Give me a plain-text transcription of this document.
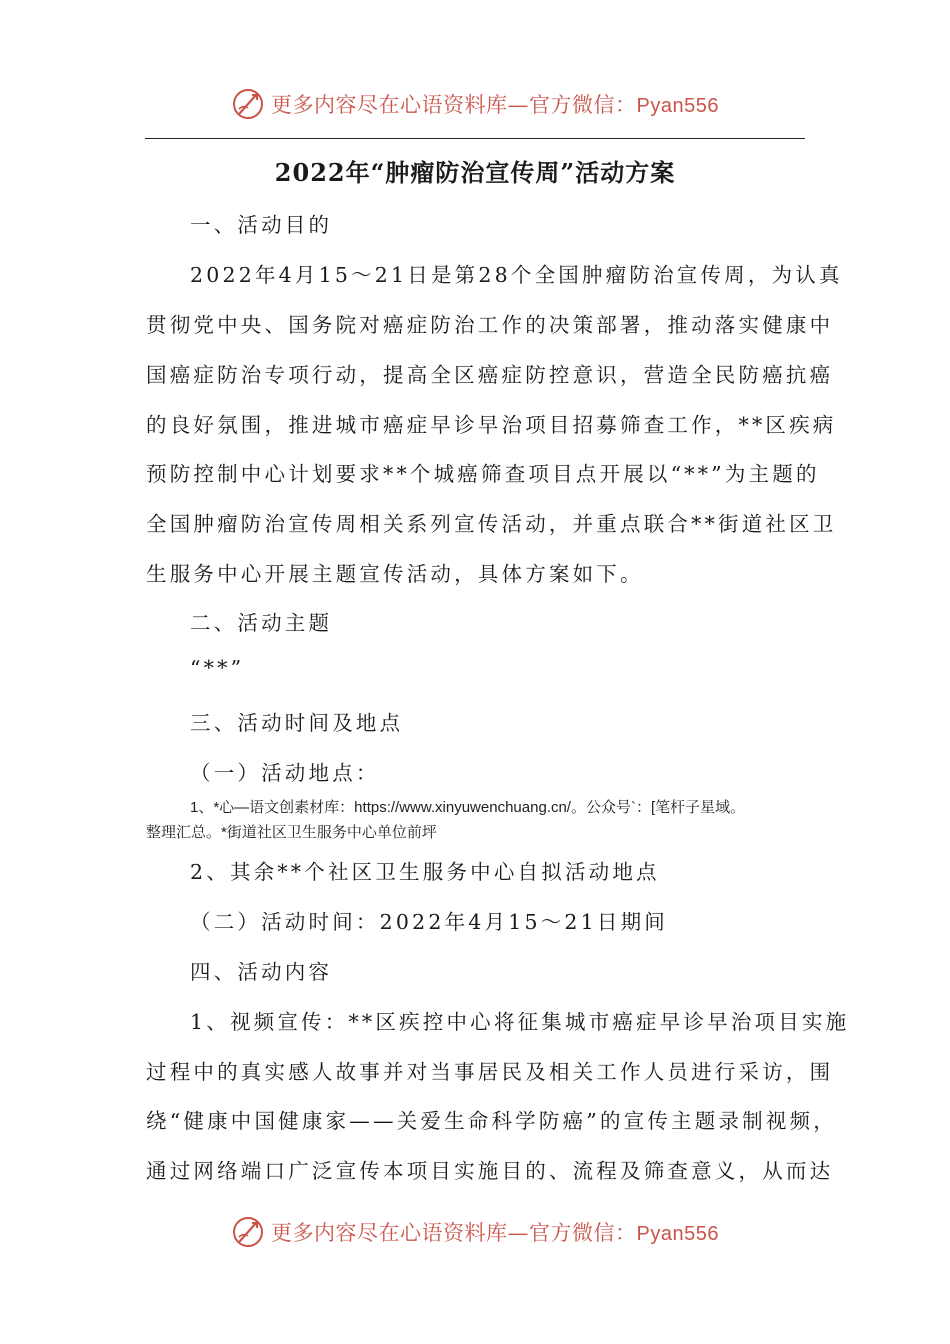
更多内容尽在心语资料库—官方微信：Pyan556
2022年“肿瘤防治宣传周”活动方案
一、活动目的
2022年4月15～21日是第28个全国肿瘤防治宣传周，为认真
贯彻党中央、国务院对癌症防治工作的决策部署，推动落实健康中
国癌症防治专项行动，提高全区癌症防控意识，营造全民防癌抗癌
的良好氛围，推进城市癌症早诊早治项目招募筛查工作，**区疾病
预防控制中心计划要求**个城癌筛查项目点开展以“**”为主题的
全国肿瘤防治宣传周相关系列宣传活动，并重点联合**街道社区卫
生服务中心开展主题宣传活动，具体方案如下。
二、活动主题
“**”
三、活动时间及地点
（一）活动地点：
1、*心—语文创素材库：https://www.xinyuwenchuang.cn/。公众号`：[笔杆子星域。
整理汇总。*街道社区卫生服务中心单位前坪
2、其余**个社区卫生服务中心自拟活动地点
（二）活动时间：2022年4月15～21日期间
四、活动内容
1、视频宣传：**区疾控中心将征集城市癌症早诊早治项目实施
过程中的真实感人故事并对当事居民及相关工作人员进行采访，围
绕“健康中国健康家——关爱生命科学防癌”的宣传主题录制视频，
通过网络端口广泛宣传本项目实施目的、流程及筛查意义，从而达
更多内容尽在心语资料库—官方微信：Pyan556
